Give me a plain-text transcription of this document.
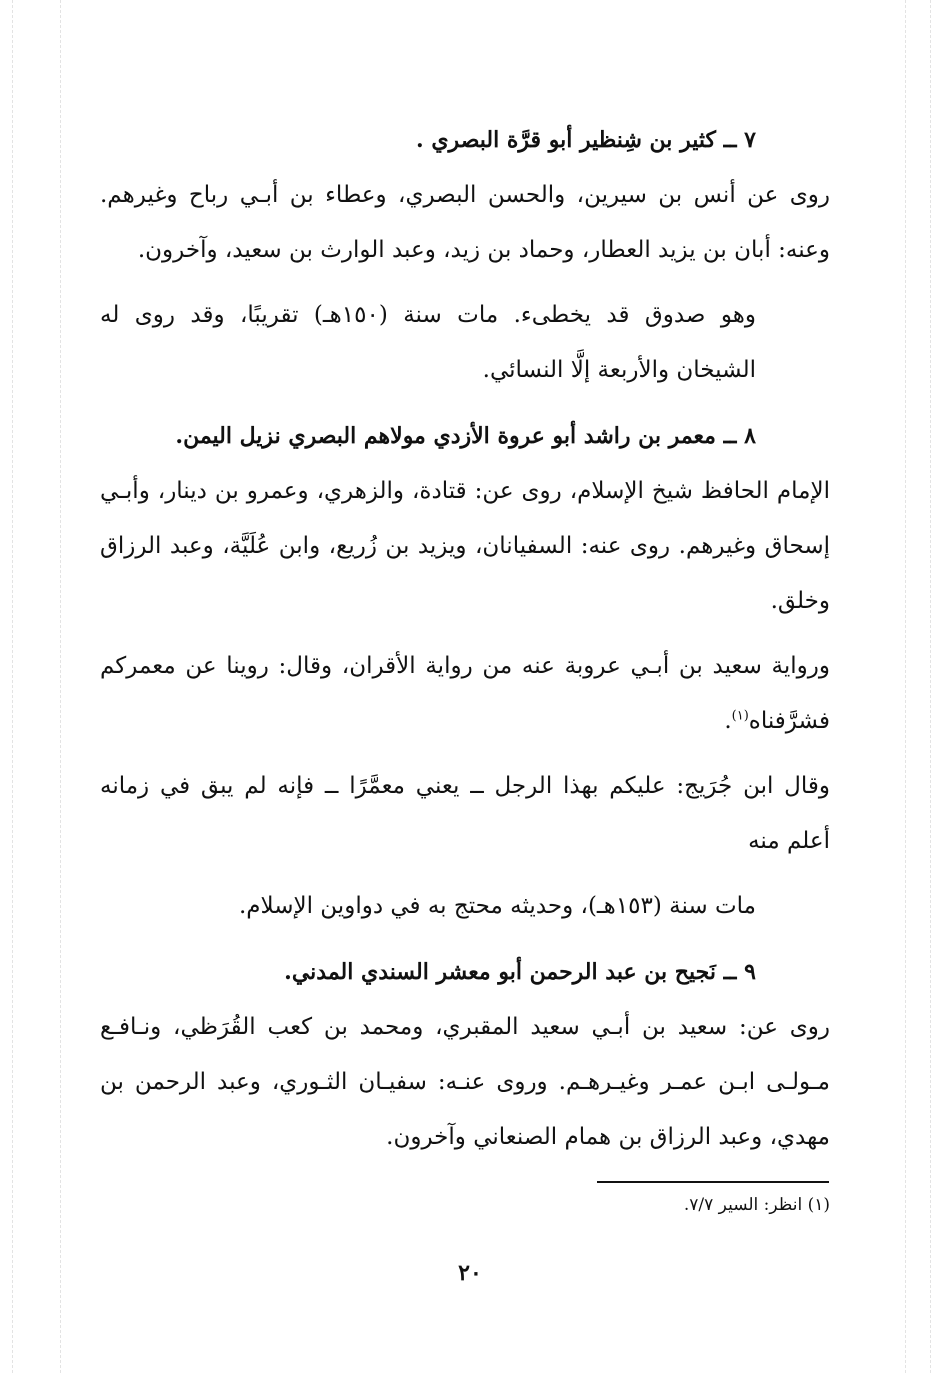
٧ ــ كثير بن شِنظير أبو قرَّة البصري .

روى عن أنس بن سيرين، والحسن البصري، وعطاء بن أبـي رباح وغيرهم. وعنه: أبان بن يزيد العطار، وحماد بن زيد، وعبد الوارث بن سعيد، وآخرون.

وهو صدوق قد يخطىء. مات سنة (١٥٠هـ) تقريبًا، وقد روى له الشيخان والأربعة إلَّا النسائي.

٨ ــ معمر بن راشد أبو عروة الأزدي مولاهم البصري نزيل اليمن.

الإمام الحافظ شيخ الإسلام، روى عن: قتادة، والزهري، وعمرو بن دينار، وأبـي إسحاق وغيرهم. روى عنه: السفيانان، ويزيد بن زُريع، وابن عُلَيَّة، وعبد الرزاق وخلق.

ورواية سعيد بن أبـي عروبة عنه من رواية الأقران، وقال: روينا عن معمركم فشرَّفناه$^{(١)}$.

وقال ابن جُرَيج: عليكم بهذا الرجل ــ يعني معمَّرًا ــ فإنه لم يبق في زمانه أعلم منه

مات سنة (١٥٣هـ)، وحديثه محتج به في دواوين الإسلام.

٩ ــ نَجيح بن عبد الرحمن أبو معشر السندي المدني.

روى عن: سعيد بن أبـي سعيد المقبري، ومحمد بن كعب القُرَظي، ونـافـع مـولـى ابـن عمـر وغيـرهـم. وروى عنـه: سفيـان الثـوري، وعبد الرحمن بن مهدي، وعبد الرزاق بن همام الصنعاني وآخرون.

(١) انظر: السير ٧/٧.
٢٠
